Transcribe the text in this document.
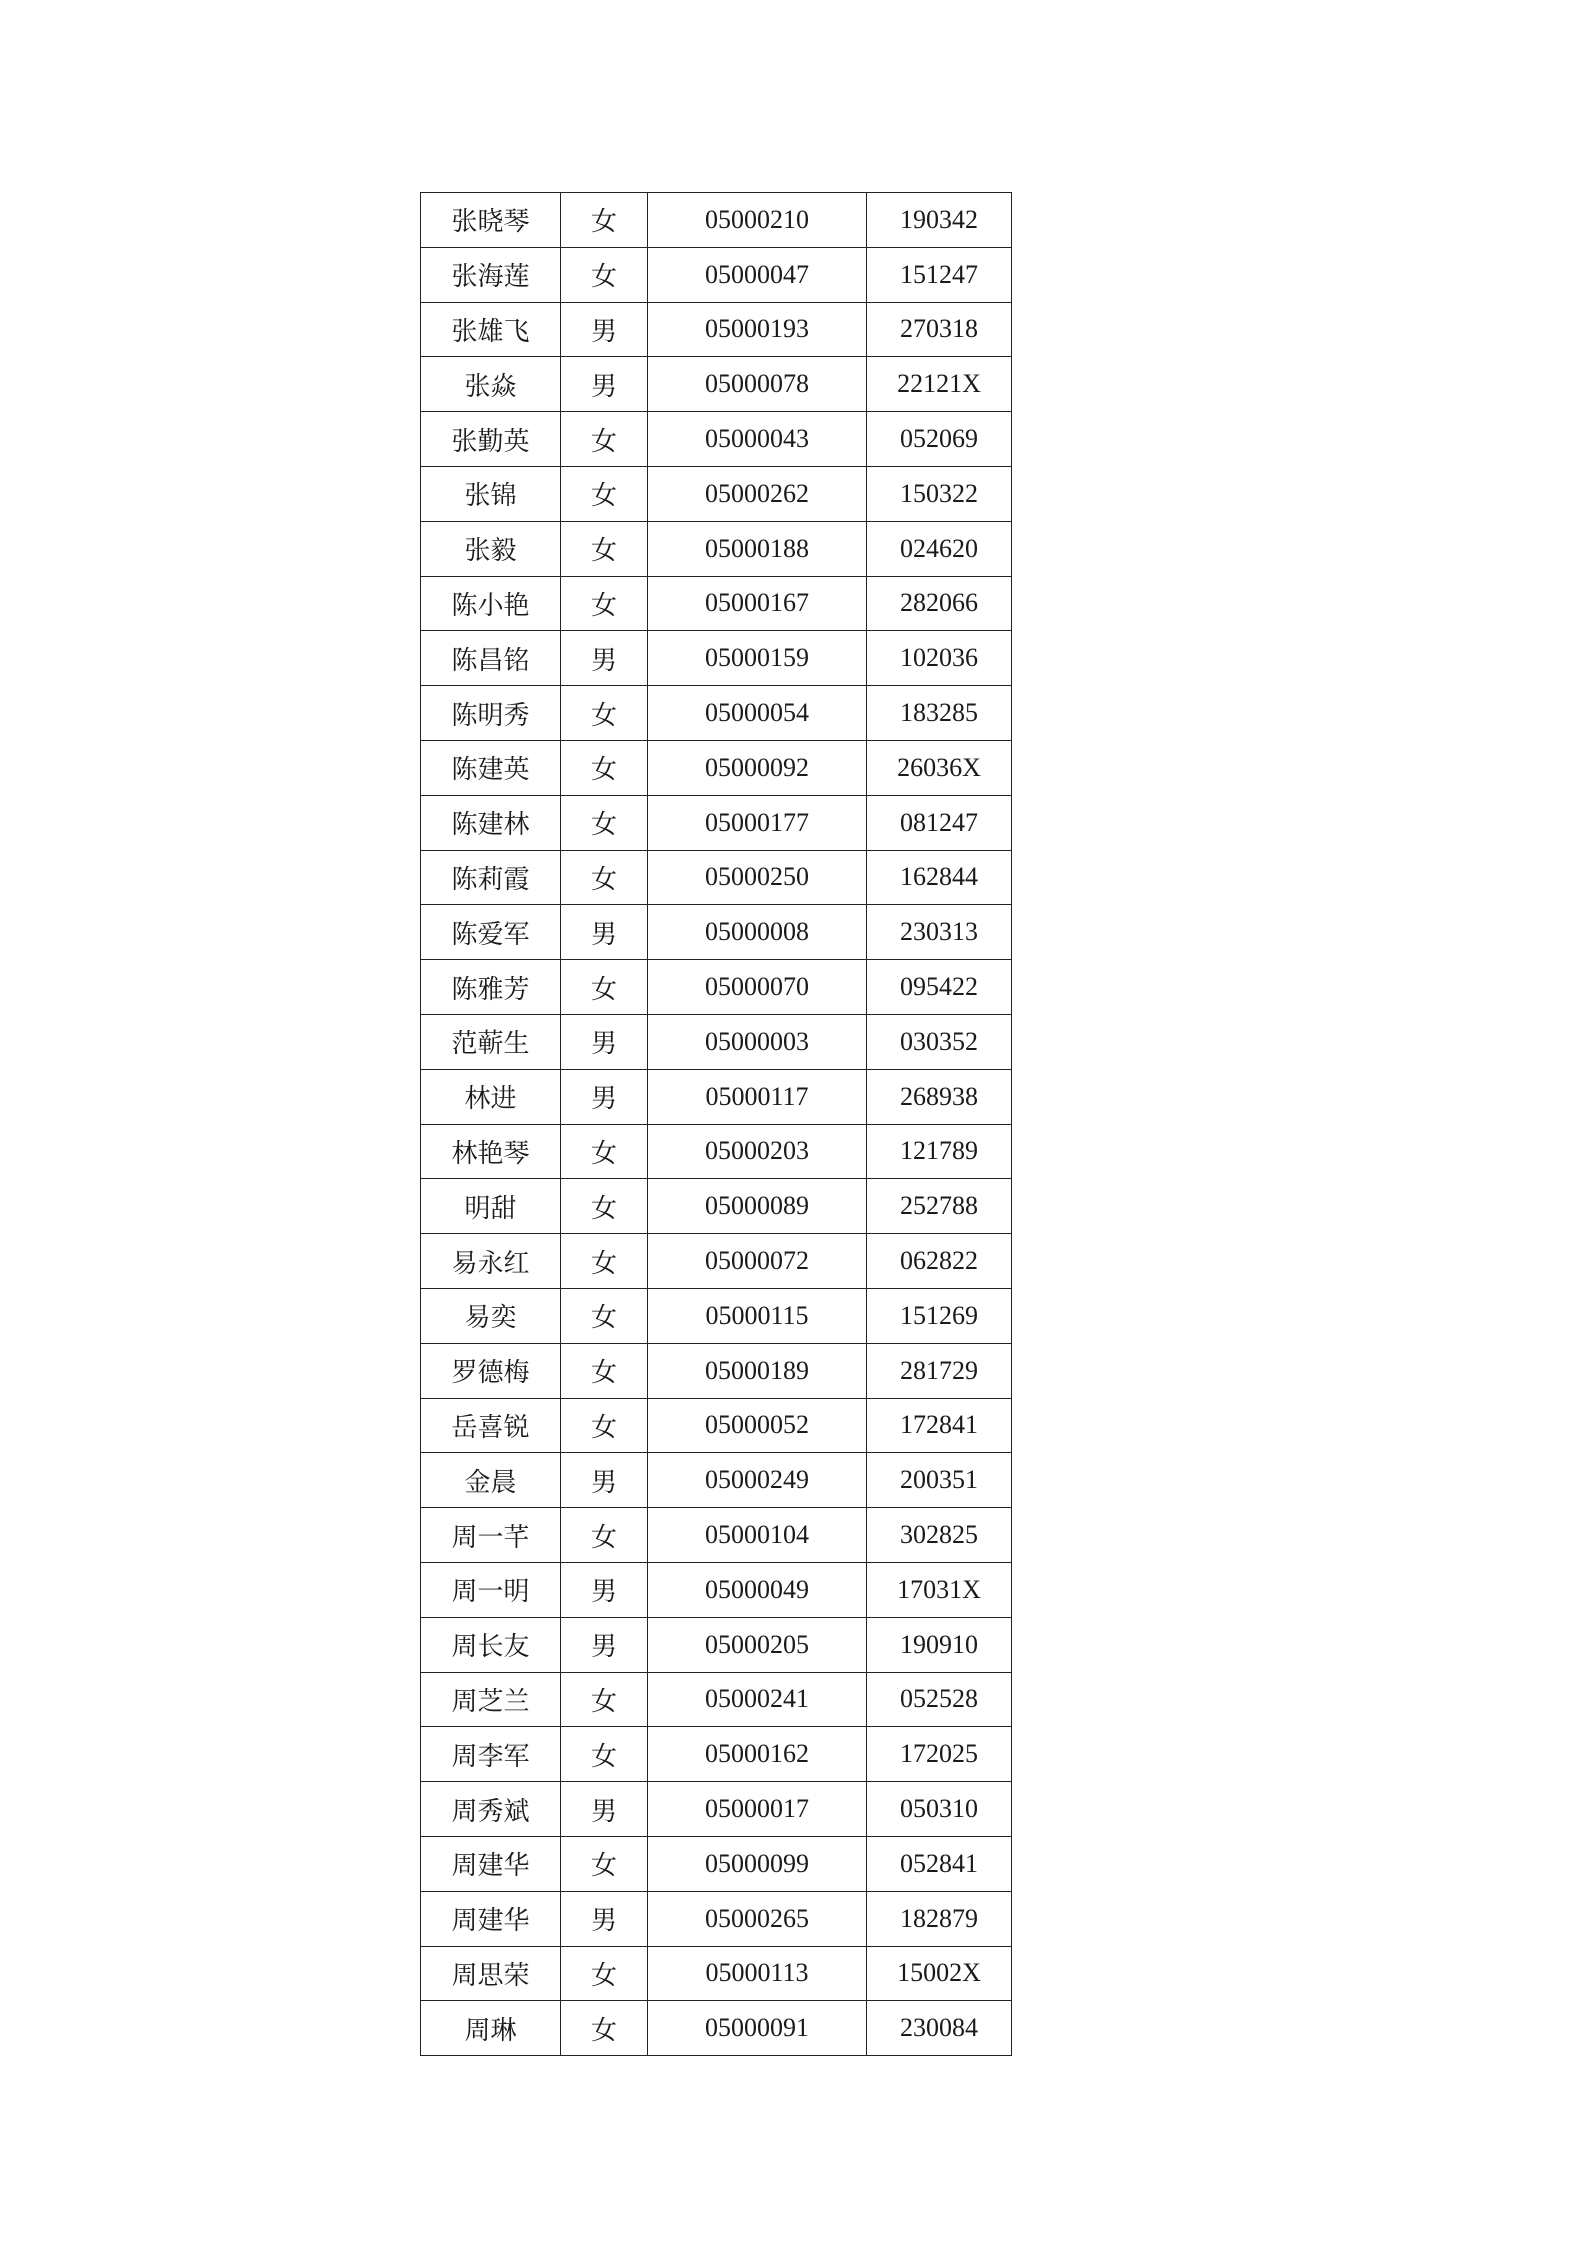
张晓琴	女	05000210	190342
张海莲	女	05000047	151247
张雄飞	男	05000193	270318
张焱	男	05000078	22121X
张勤英	女	05000043	052069
张锦	女	05000262	150322
张毅	女	05000188	024620
陈小艳	女	05000167	282066
陈昌铭	男	05000159	102036
陈明秀	女	05000054	183285
陈建英	女	05000092	26036X
陈建林	女	05000177	081247
陈莉霞	女	05000250	162844
陈爱军	男	05000008	230313
陈雅芳	女	05000070	095422
范蕲生	男	05000003	030352
林进	男	05000117	268938
林艳琴	女	05000203	121789
明甜	女	05000089	252788
易永红	女	05000072	062822
易奕	女	05000115	151269
罗德梅	女	05000189	281729
岳喜锐	女	05000052	172841
金晨	男	05000249	200351
周一芊	女	05000104	302825
周一明	男	05000049	17031X
周长友	男	05000205	190910
周芝兰	女	05000241	052528
周李军	女	05000162	172025
周秀斌	男	05000017	050310
周建华	女	05000099	052841
周建华	男	05000265	182879
周思荣	女	05000113	15002X
周琳	女	05000091	230084
